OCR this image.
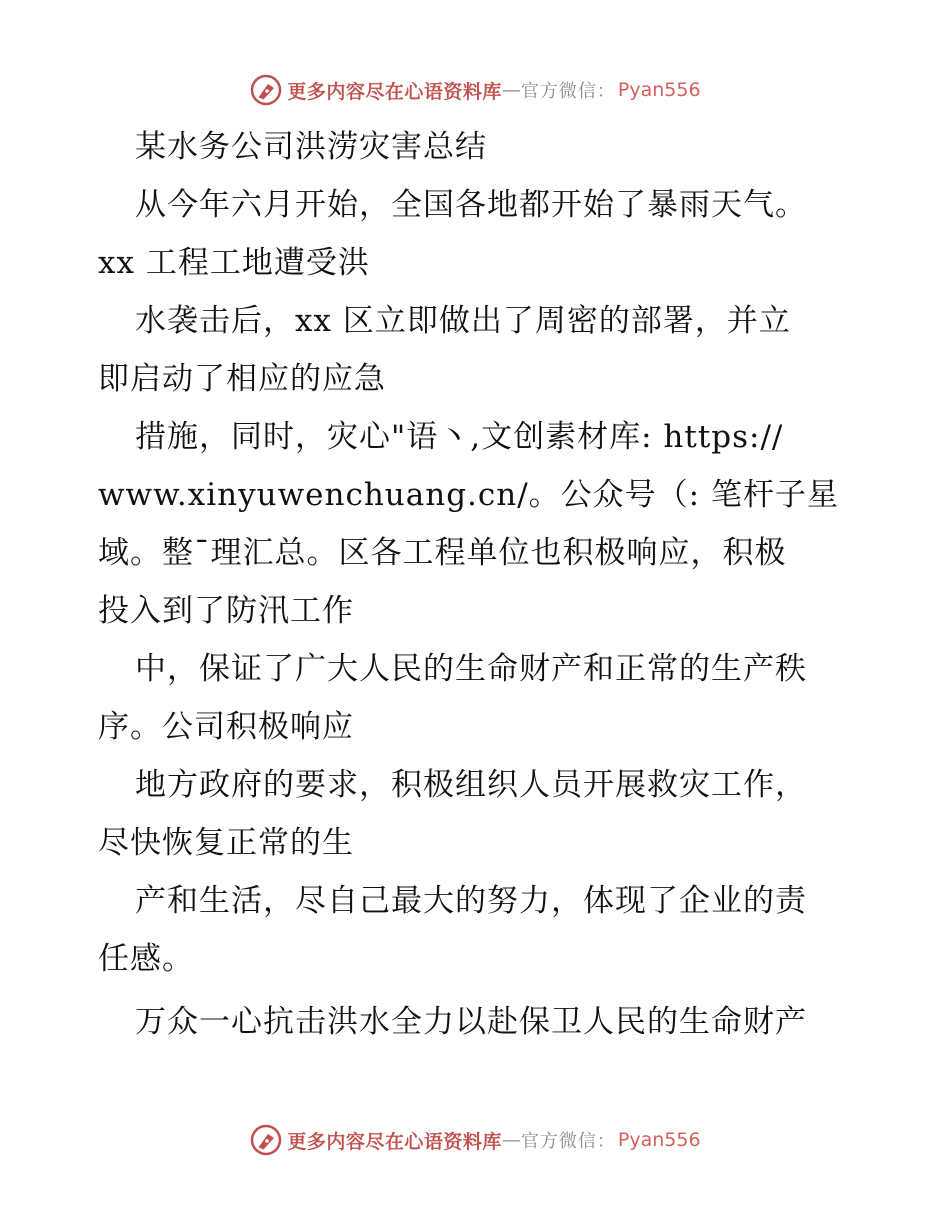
更多内容尽在心语资料库 — 官方微信： Pyan556
某水务公司洪涝灾害总结
从今年六月开始，全国各地都开始了暴雨天气。
xx 工程工地遭受洪
水袭击后，xx 区立即做出了周密的部署，并立
即启动了相应的应急
措施，同时，灾心"语丶,文创素材库: https://
www.xinyuwenchuang.cn/。公众号（: 笔杆子星
域。整¯理汇总。区各工程单位也积极响应，积极
投入到了防汛工作
中，保证了广大人民的生命财产和正常的生产秩
序。公司积极响应
地方政府的要求，积极组织人员开展救灾工作，
尽快恢复正常的生
产和生活，尽自己最大的努力，体现了企业的责
任感。
万众一心抗击洪水全力以赴保卫人民的生命财产
更多内容尽在心语资料库 — 官方微信： Pyan556
